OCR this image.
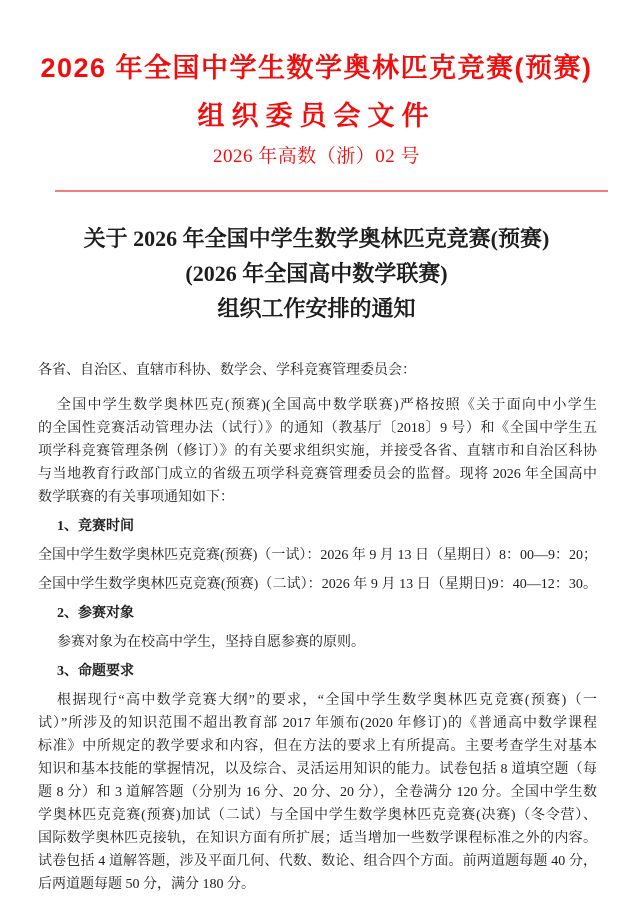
2026 年全国中学生数学奥林匹克竞赛(预赛)
组织委员会文件
2026 年高数（浙）02 号
关于 2026 年全国中学生数学奥林匹克竞赛(预赛)
(2026 年全国高中数学联赛)
组织工作安排的通知
各省、自治区、直辖市科协、数学会、学科竞赛管理委员会：
全国中学生数学奥林匹克(预赛)(全国高中数学联赛)严格按照《关于面向中小学生
的全国性竞赛活动管理办法（试行）》的通知（教基厅〔2018〕9 号）和《全国中学生五
项学科竞赛管理条例（修订）》的有关要求组织实施，并接受各省、直辖市和自治区科协
与当地教育行政部门成立的省级五项学科竞赛管理委员会的监督。现将 2026 年全国高中
数学联赛的有关事项通知如下：
1、竞赛时间
全国中学生数学奥林匹克竞赛(预赛)（一试）：2026 年 9 月 13 日（星期日）8：00—9：20；
全国中学生数学奥林匹克竞赛(预赛)（二试）：2026 年 9 月 13 日（星期日)9：40—12：30。
2、参赛对象
参赛对象为在校高中学生，坚持自愿参赛的原则。
3、命题要求
根据现行“高中数学竞赛大纲”的要求，“全国中学生数学奥林匹克竞赛(预赛)（一
试）”所涉及的知识范围不超出教育部 2017 年颁布(2020 年修订)的《普通高中数学课程
标准》中所规定的教学要求和内容，但在方法的要求上有所提高。主要考查学生对基本
知识和基本技能的掌握情况，以及综合、灵活运用知识的能力。试卷包括 8 道填空题（每
题 8 分）和 3 道解答题（分别为 16 分、20 分、20 分），全卷满分 120 分。全国中学生数
学奥林匹克竞赛(预赛)加试（二试）与全国中学生数学奥林匹克竞赛(决赛)（冬令营）、
国际数学奥林匹克接轨，在知识方面有所扩展；适当增加一些数学课程标准之外的内容。
试卷包括 4 道解答题，涉及平面几何、代数、数论、组合四个方面。前两道题每题 40 分，
后两道题每题 50 分，满分 180 分。
